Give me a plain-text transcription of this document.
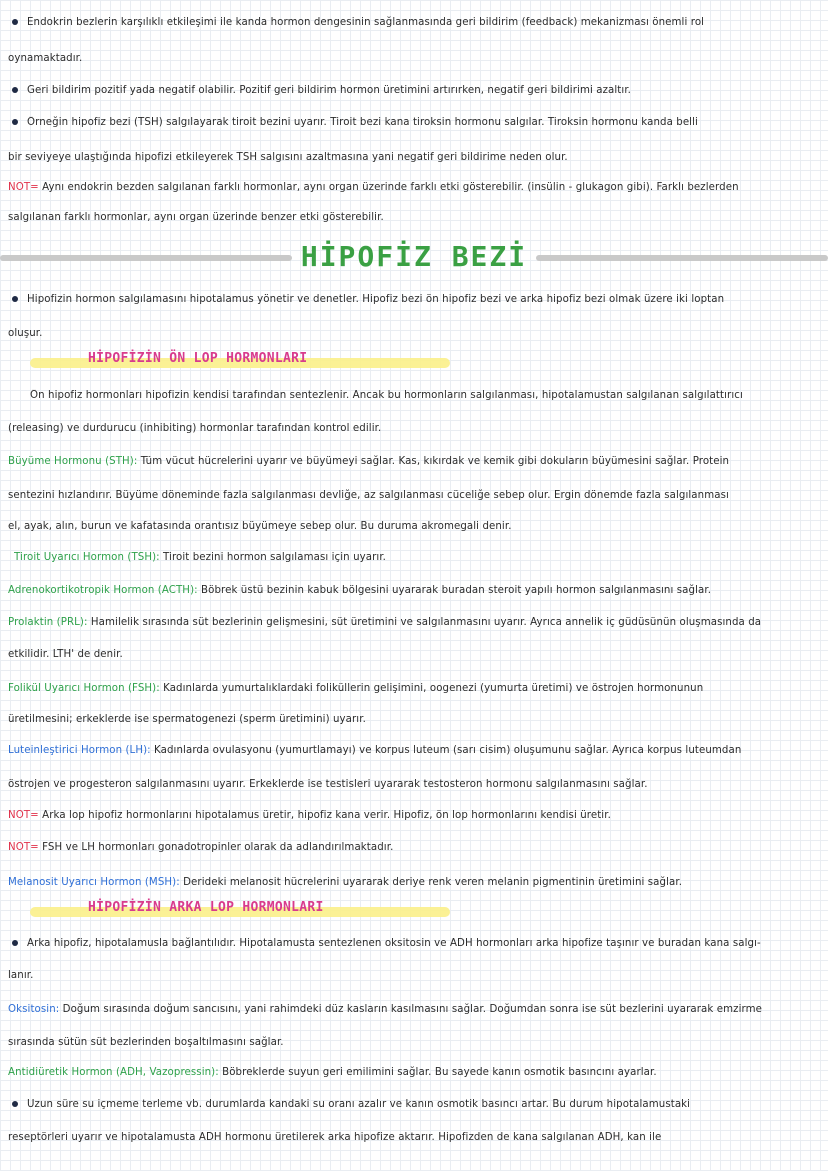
Endokrin bezlerin karşılıklı etkileşimi ile kanda hormon dengesinin sağlanmasında geri bildirim (feedback) mekanizması önemli rol
oynamaktadır.
Geri bildirim pozitif yada negatif olabilir. Pozitif geri bildirim hormon üretimini artırırken, negatif geri bildirimi azaltır.
Örneğin hipofiz bezi (TSH) salgılayarak tiroit bezini uyarır. Tiroit bezi kana tiroksin hormonu salgılar. Tiroksin hormonu kanda belli
bir seviyeye ulaştığında hipofizi etkileyerek TSH salgısını azaltmasına yani negatif geri bildirime neden olur.
NOT= Aynı endokrin bezden salgılanan farklı hormonlar, aynı organ üzerinde farklı etki gösterebilir. (insülin - glukagon gibi). Farklı bezlerden
salgılanan farklı hormonlar, aynı organ üzerinde benzer etki gösterebilir.
HİPOFİZ BEZİ
Hipofizin hormon salgılamasını hipotalamus yönetir ve denetler. Hipofiz bezi ön hipofiz bezi ve arka hipofiz bezi olmak üzere iki loptan
oluşur.
HİPOFİZİN ÖN LOP HORMONLARI
Ön hipofiz hormonları hipofizin kendisi tarafından sentezlenir. Ancak bu hormonların salgılanması, hipotalamustan salgılanan salgılattırıcı
(releasing) ve durdurucu (inhibiting) hormonlar tarafından kontrol edilir.
Büyüme Hormonu (STH): Tüm vücut hücrelerini uyarır ve büyümeyi sağlar. Kas, kıkırdak ve kemik gibi dokuların büyümesini sağlar. Protein
sentezini hızlandırır. Büyüme döneminde fazla salgılanması devliğe, az salgılanması cüceliğe sebep olur. Ergin dönemde fazla salgılanması
el, ayak, alın, burun ve kafatasında orantısız büyümeye sebep olur. Bu duruma akromegali denir.
Tiroit Uyarıcı Hormon (TSH): Tiroit bezini hormon salgılaması için uyarır.
Adrenokortikotropik Hormon (ACTH): Böbrek üstü bezinin kabuk bölgesini uyararak buradan steroit yapılı hormon salgılanmasını sağlar.
Prolaktin (PRL): Hamilelik sırasında süt bezlerinin gelişmesini, süt üretimini ve salgılanmasını uyarır. Ayrıca annelik iç güdüsünün oluşmasında da
etkilidir. LTH' de denir.
Folikül Uyarıcı Hormon (FSH): Kadınlarda yumurtalıklardaki foliküllerin gelişimini, oogenezi (yumurta üretimi) ve östrojen hormonunun
üretilmesini; erkeklerde ise spermatogenezi (sperm üretimini) uyarır.
Luteinleştirici Hormon (LH): Kadınlarda ovulasyonu (yumurtlamayı) ve korpus luteum (sarı cisim) oluşumunu sağlar. Ayrıca korpus luteumdan
östrojen ve progesteron salgılanmasını uyarır. Erkeklerde ise testisleri uyararak testosteron hormonu salgılanmasını sağlar.
NOT= Arka lop hipofiz hormonlarını hipotalamus üretir, hipofiz kana verir. Hipofiz, ön lop hormonlarını kendisi üretir.
NOT= FSH ve LH hormonları gonadotropinler olarak da adlandırılmaktadır.
Melanosit Uyarıcı Hormon (MSH): Derideki melanosit hücrelerini uyararak deriye renk veren melanin pigmentinin üretimini sağlar.
HİPOFİZİN ARKA LOP HORMONLARI
Arka hipofiz, hipotalamusla bağlantılıdır. Hipotalamusta sentezlenen oksitosin ve ADH hormonları arka hipofize taşınır ve buradan kana salgı-
lanır.
Oksitosin: Doğum sırasında doğum sancısını, yani rahimdeki düz kasların kasılmasını sağlar. Doğumdan sonra ise süt bezlerini uyararak emzirme
sırasında sütün süt bezlerinden boşaltılmasını sağlar.
Antidiüretik Hormon (ADH, Vazopressin): Böbreklerde suyun geri emilimini sağlar. Bu sayede kanın osmotik basıncını ayarlar.
Uzun süre su içmeme terleme vb. durumlarda kandaki su oranı azalır ve kanın osmotik basıncı artar. Bu durum hipotalamustaki
reseptörleri uyarır ve hipotalamusta ADH hormonu üretilerek arka hipofize aktarır. Hipofizden de kana salgılanan ADH, kan ile
